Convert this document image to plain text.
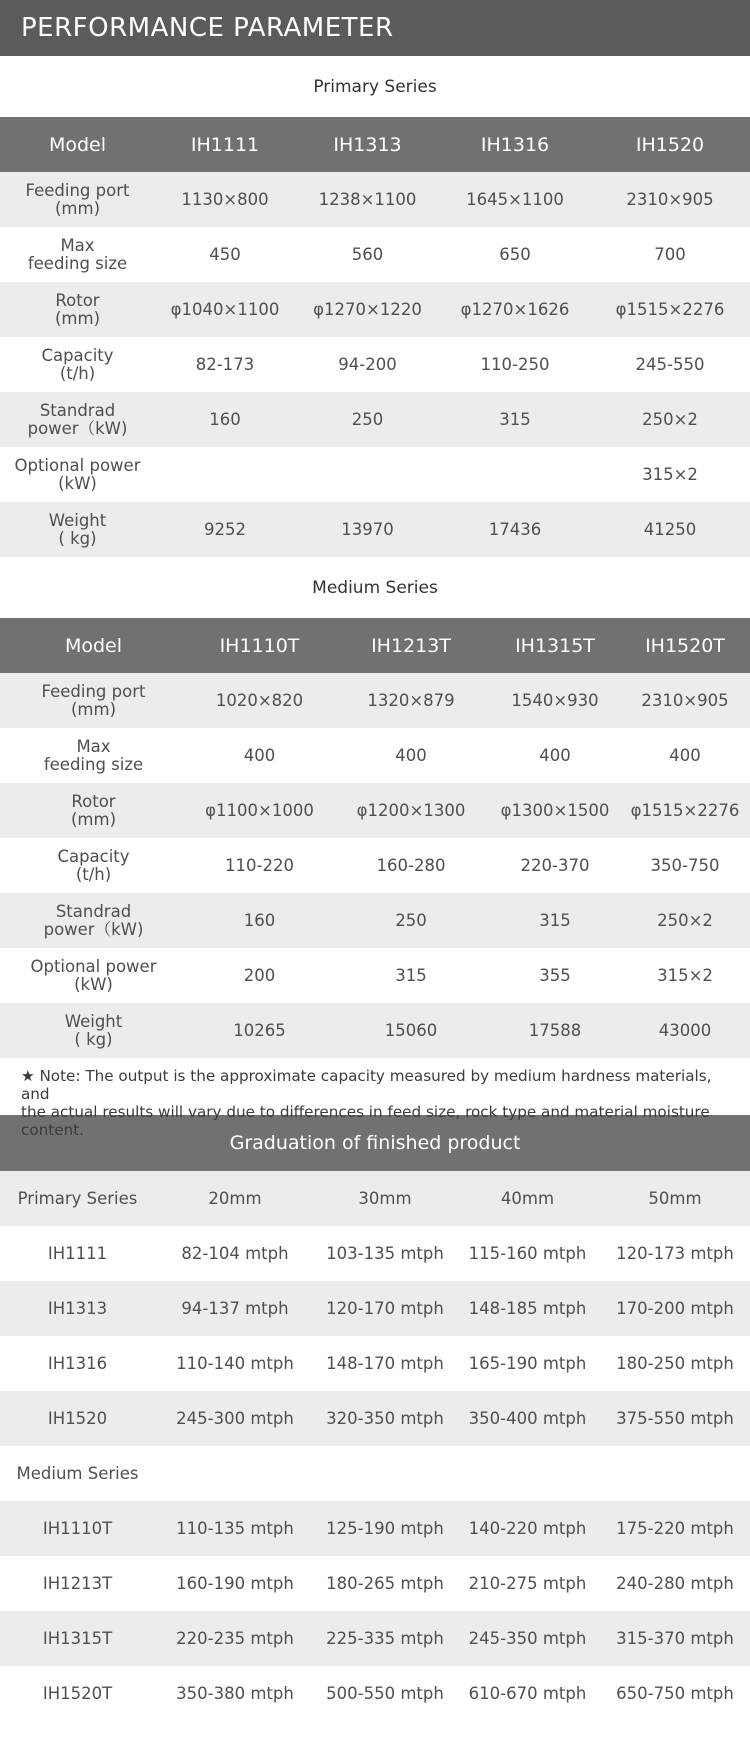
PERFORMANCE PARAMETER
Primary Series
Model	IH1111	IH1313	IH1316	IH1520

Feeding port
(mm)	1130×800	1238×1100	1645×1100	2310×905

Max
feeding size	450	560	650	700

Rotor
(mm)	φ1040×1100	φ1270×1220	φ1270×1626	φ1515×2276

Capacity
(t/h)	82-173	94-200	110-250	245-550

Standrad
power（kW)	160	250	315	250×2

Optional power
(kW)				315×2

Weight
( kg)	9252	13970	17436	41250
Medium Series
Model	IH1110T	IH1213T	IH1315T	IH1520T

Feeding port
(mm)	1020×820	1320×879	1540×930	2310×905

Max
feeding size	400	400	400	400

Rotor
(mm)	φ1100×1000	φ1200×1300	φ1300×1500	φ1515×2276

Capacity
(t/h)	110-220	160-280	220-370	350-750

Standrad
power（kW)	160	250	315	250×2

Optional power
(kW)	200	315	355	315×2

Weight
( kg)	10265	15060	17588	43000
★ Note: The output is the approximate capacity measured by medium hardness materials, and
the actual results will vary due to differences in feed size, rock type and material moisture content.
Graduation of finished product
Primary Series	20mm	30mm	40mm	50mm
IH1111	82-104 mtph	103-135 mtph	115-160 mtph	120-173 mtph
IH1313	94-137 mtph	120-170 mtph	148-185 mtph	170-200 mtph
IH1316	110-140 mtph	148-170 mtph	165-190 mtph	180-250 mtph
IH1520	245-300 mtph	320-350 mtph	350-400 mtph	375-550 mtph
Medium Series				
IH1110T	110-135 mtph	125-190 mtph	140-220 mtph	175-220 mtph
IH1213T	160-190 mtph	180-265 mtph	210-275 mtph	240-280 mtph
IH1315T	220-235 mtph	225-335 mtph	245-350 mtph	315-370 mtph
IH1520T	350-380 mtph	500-550 mtph	610-670 mtph	650-750 mtph
